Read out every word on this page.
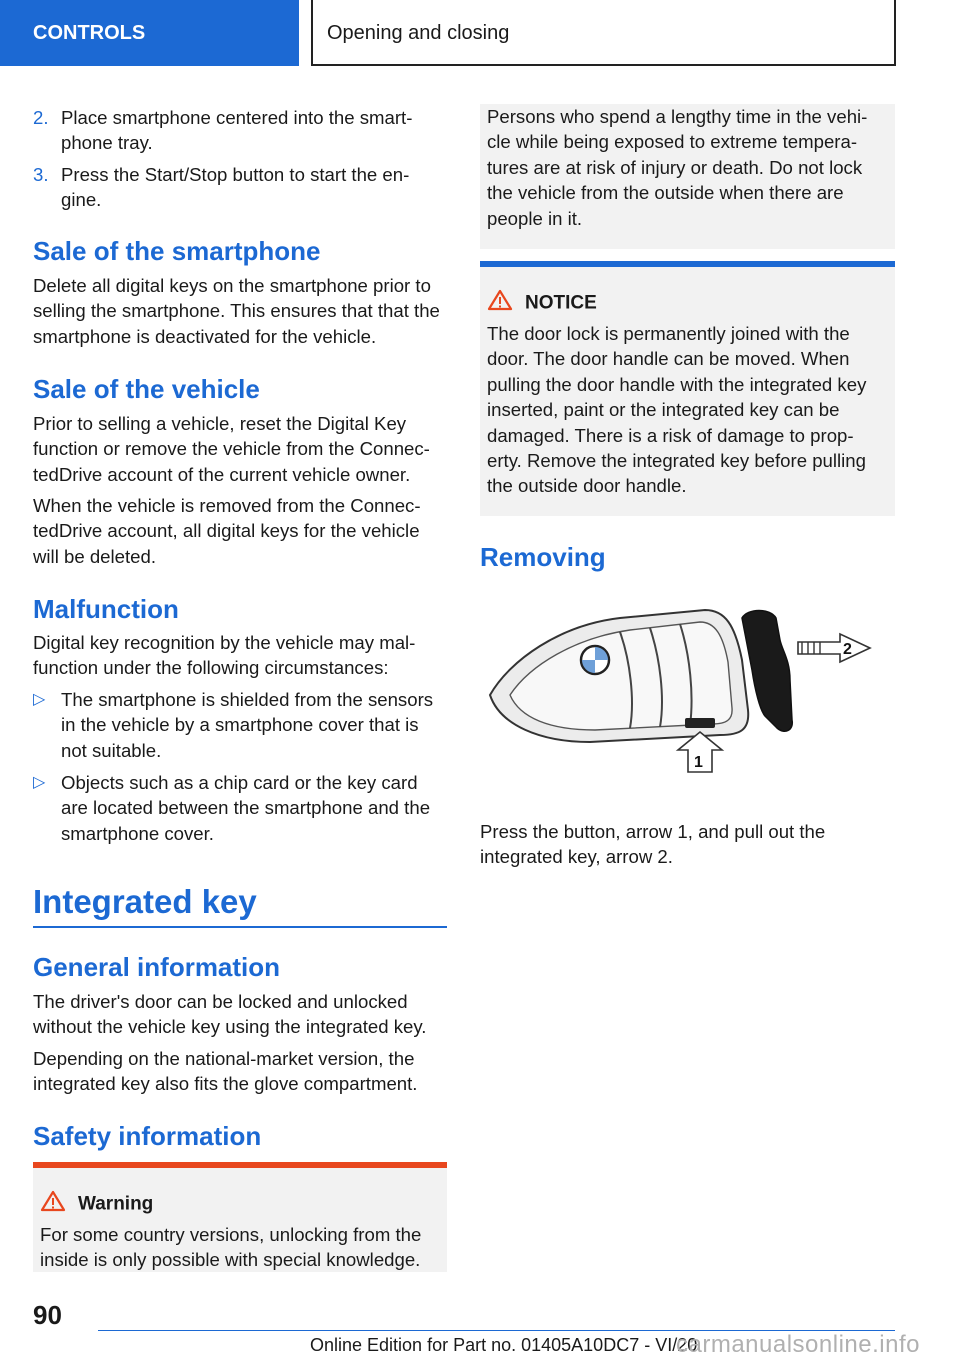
CONTROLS	Opening and closing
2. Place smartphone centered into the smart-phone tray.
3. Press the Start/Stop button to start the en-gine.
Sale of the smartphone
Delete all digital keys on the smartphone prior to selling the smartphone. This ensures that that the smartphone is deactivated for the vehicle.
Sale of the vehicle
Prior to selling a vehicle, reset the Digital Key function or remove the vehicle from the Connec-tedDrive account of the current vehicle owner.
When the vehicle is removed from the Connec-tedDrive account, all digital keys for the vehicle will be deleted.
Malfunction
Digital key recognition by the vehicle may mal-function under the following circumstances:
▷ The smartphone is shielded from the sensors in the vehicle by a smartphone cover that is not suitable.
▷ Objects such as a chip card or the key card are located between the smartphone and the smartphone cover.
Integrated key
General information
The driver's door can be locked and unlocked without the vehicle key using the integrated key.
Depending on the national-market version, the integrated key also fits the glove compartment.
Safety information
Warning
For some country versions, unlocking from the inside is only possible with special knowledge.
Persons who spend a lengthy time in the vehi-cle while being exposed to extreme tempera-tures are at risk of injury or death. Do not lock the vehicle from the outside when there are people in it.
NOTICE
The door lock is permanently joined with the door. The door handle can be moved. When pulling the door handle with the integrated key inserted, paint or the integrated key can be damaged. There is a risk of damage to prop-erty. Remove the integrated key before pulling the outside door handle.
Removing
2
1
Press the button, arrow 1, and pull out the integrated key, arrow 2.
90
Online Edition for Part no. 01405A10DC7 - VI/20
carmanualsonline.info
